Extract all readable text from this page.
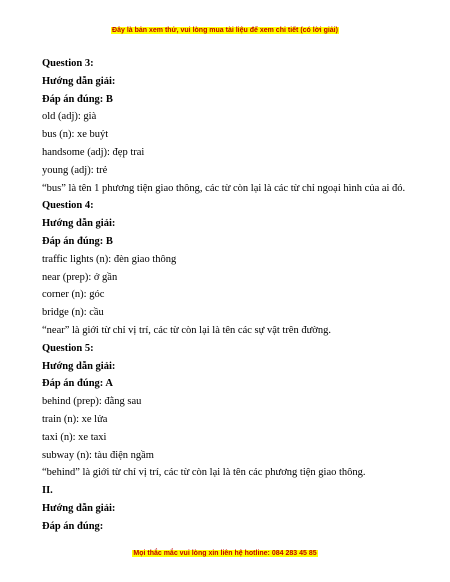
Đây là bản xem thử, vui lòng mua tài liệu để xem chi tiết (có lời giải)
Question 3:
Hướng dẫn giải:
Đáp án đúng: B
old (adj): già
bus (n): xe buýt
handsome (adj): đẹp trai
young (adj): trẻ
“bus” là tên 1 phương tiện giao thông, các từ còn lại là các từ chỉ ngoại hình của ai đó.
Question 4:
Hướng dẫn giải:
Đáp án đúng: B
traffic lights (n): đèn giao thông
near (prep): ở gần
corner (n): góc
bridge (n): cầu
“near” là giới từ chỉ vị trí, các từ còn lại là tên các sự vật trên đường.
Question 5:
Hướng dẫn giải:
Đáp án đúng: A
behind (prep): đằng sau
train (n): xe lửa
taxi (n): xe taxi
subway (n): tàu điện ngầm
“behind” là giới từ chỉ vị trí, các từ còn lại là tên các phương tiện giao thông.
II.
Hướng dẫn giải:
Đáp án đúng:
Mọi thắc mắc vui lòng xin liên hệ hotline: 084 283 45 85
